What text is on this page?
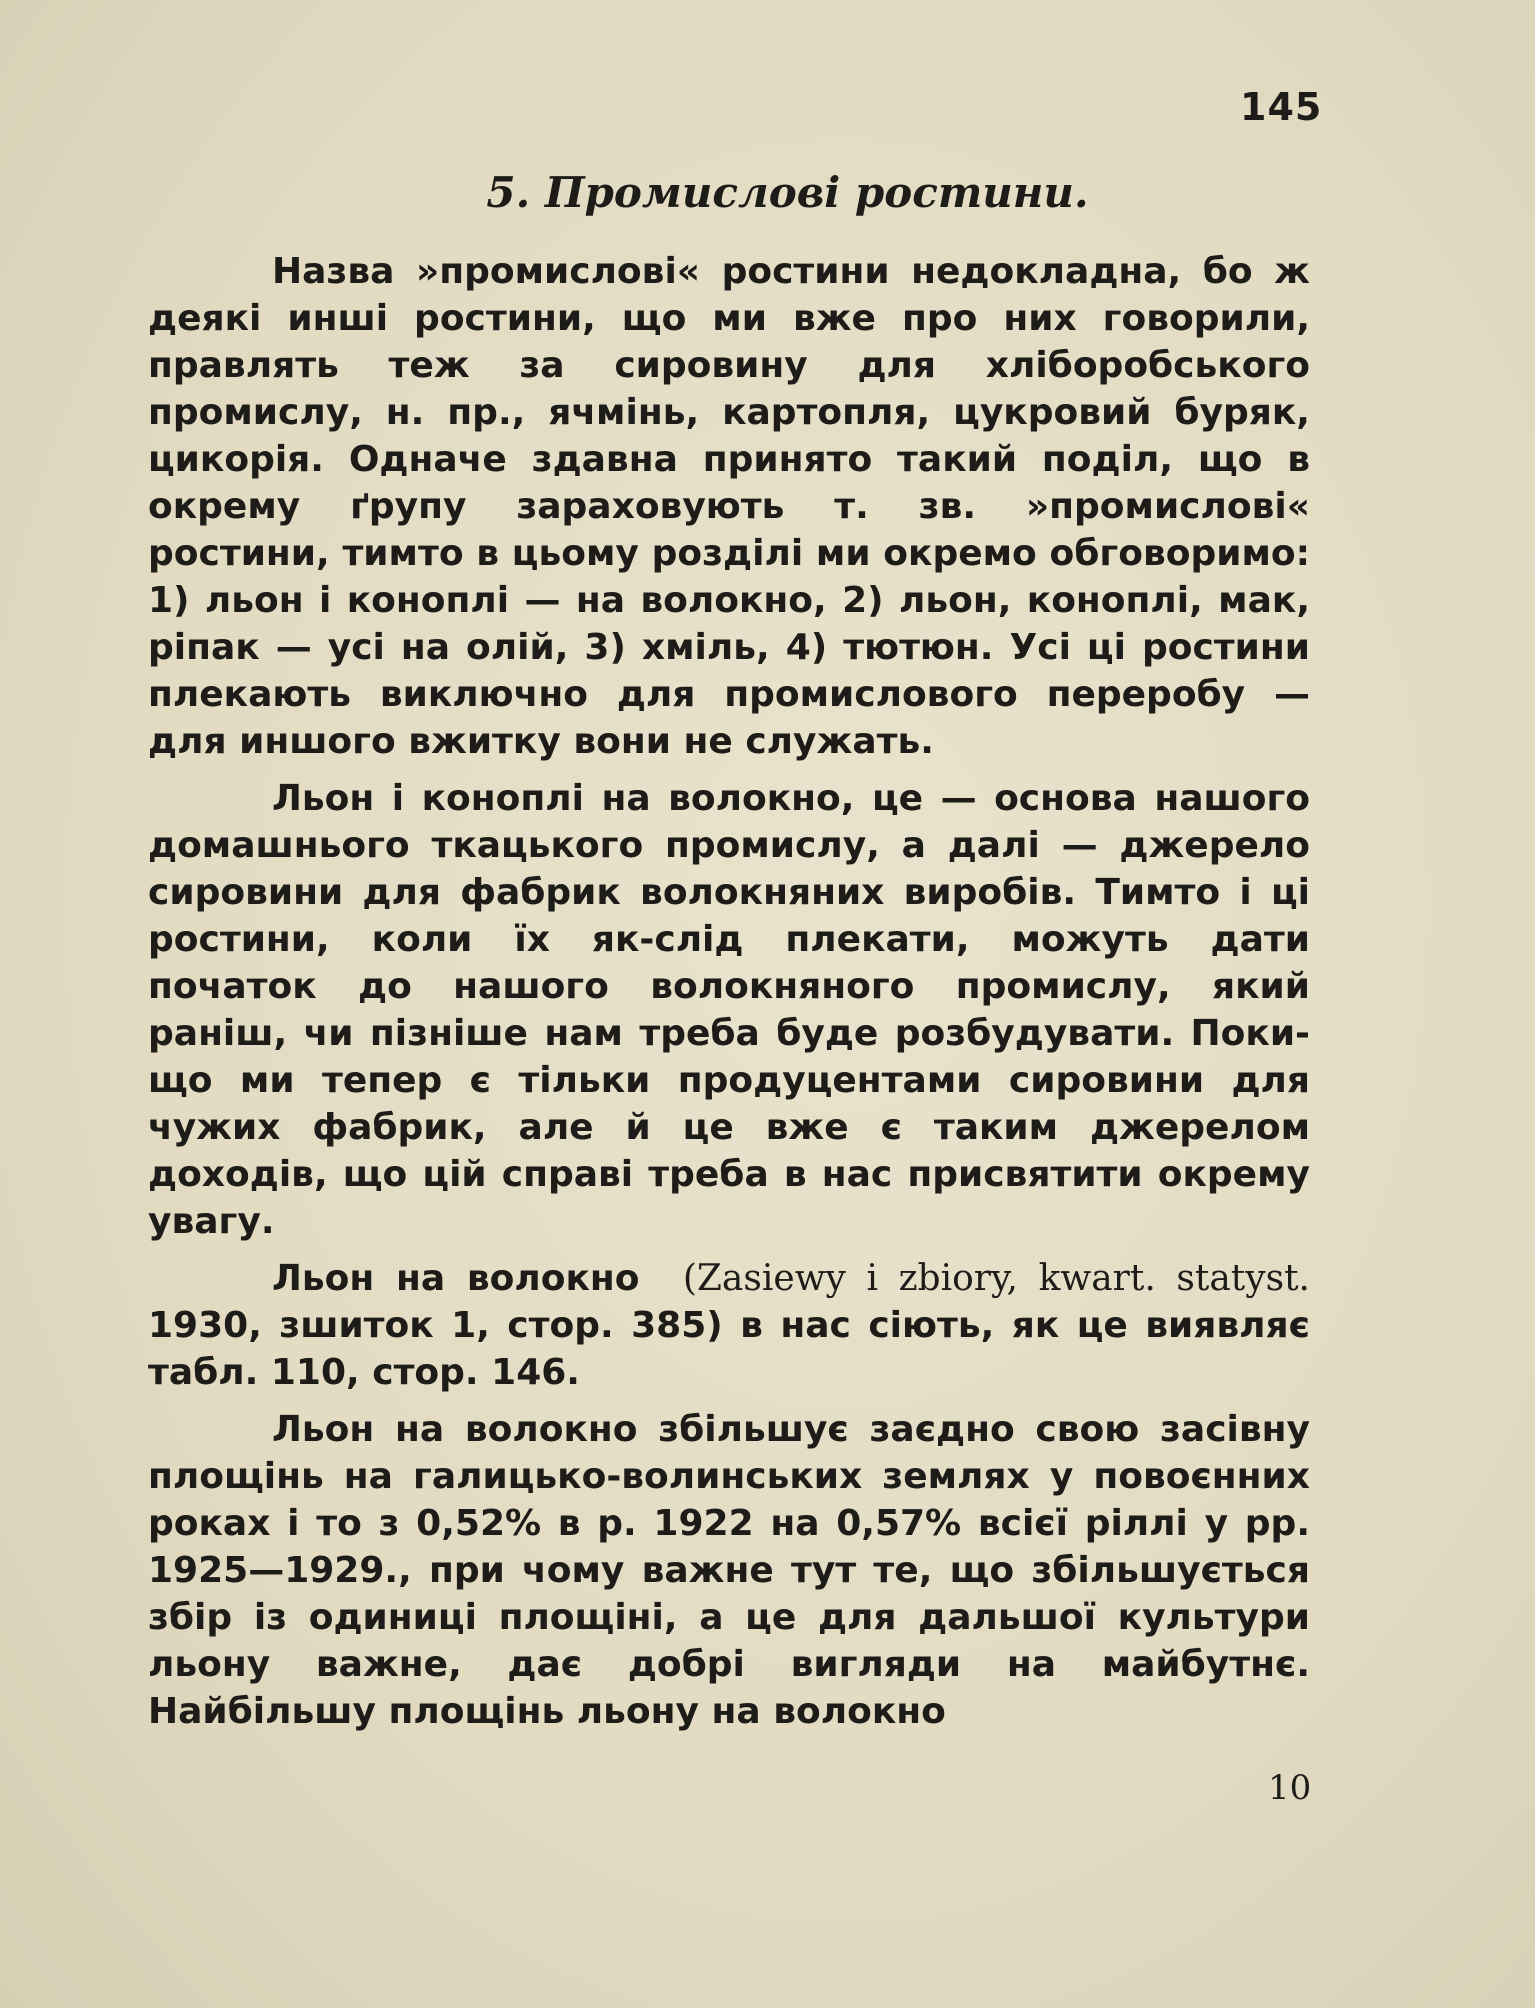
145
5. Промислові ростини.

Назва »промислові« ростини недокладна, бо ж деякі инші ростини, що ми вже про них говорили, правлять теж за сировину для хліборобського промислу, н. пр., ячмінь, картопля, цукровий буряк, цикорія. Одначе здавна принято такий поділ, що в окрему ґрупу зараховують т. зв. »промислові« ростини, тимто в цьому розділі ми окремо обговоримо: 1) льон і коноплі — на волокно, 2) льон, коноплі, мак, ріпак — усі на олій, 3) хміль, 4) тютюн. Усі ці ростини плекають виключно для промислового переробу — для иншого вжитку вони не служать.

Льон і коноплі на волокно, це — основа нашого домашнього ткацького промислу, а далі — джерело сировини для фабрик волокняних виробів. Тимто і ці ростини, коли їх як-слід плекати, можуть дати початок до нашого волокняного промислу, який раніш, чи пізніше нам треба буде розбудувати. Поки-що ми тепер є тільки продуцентами сировини для чужих фабрик, але й це вже є таким джерелом доходів, що цій справі треба в нас присвятити окрему увагу.

Льон на волокно (Zasiewy i zbiory, kwart. statyst. 1930, зшиток 1, стор. 385) в нас сіють, як це виявляє табл. 110, стор. 146.

Льон на волокно збільшує заєдно свою засівну площінь на галицько-волинських землях у повоєнних роках і то з 0,52% в р. 1922 на 0,57% всієї ріллі у рр. 1925—1929., при чому важне тут те, що збільшується збір із одиниці площіні, а це для дальшої культури льону важне, дає добрі вигляди на майбутнє. Найбільшу площінь льону на волокно

10
